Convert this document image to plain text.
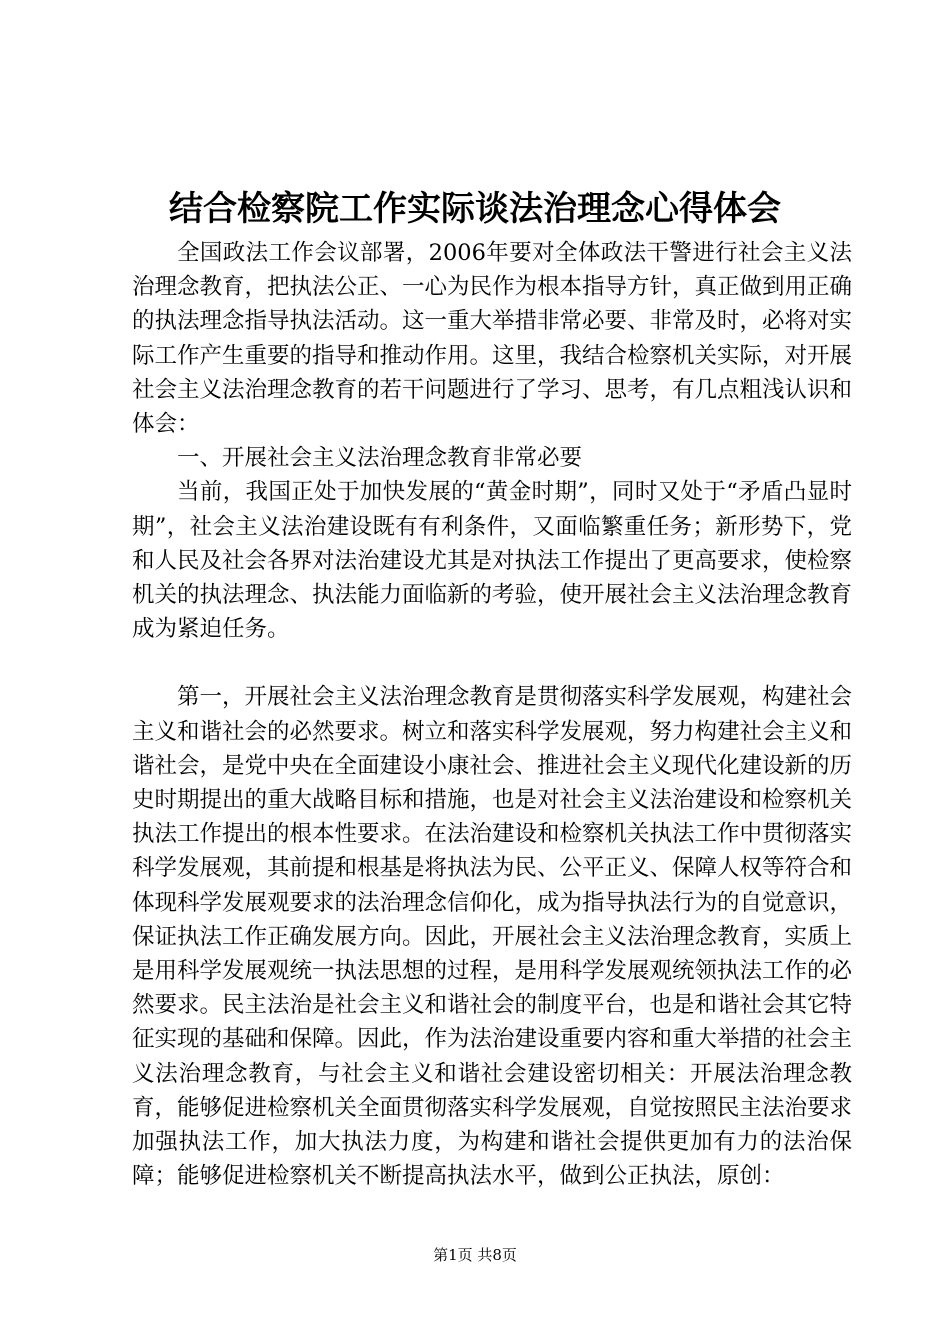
结合检察院工作实际谈法治理念心得体会

全国政法工作会议部署，2006年要对全体政法干警进行社会主义法治理念教育，把执法公正、一心为民作为根本指导方针，真正做到用正确的执法理念指导执法活动。这一重大举措非常必要、非常及时，必将对实际工作产生重要的指导和推动作用。这里，我结合检察机关实际，对开展社会主义法治理念教育的若干问题进行了学习、思考，有几点粗浅认识和体会：

一、开展社会主义法治理念教育非常必要

当前，我国正处于加快发展的“黄金时期”，同时又处于“矛盾凸显时期”，社会主义法治建设既有有利条件，又面临繁重任务；新形势下，党和人民及社会各界对法治建设尤其是对执法工作提出了更高要求，使检察机关的执法理念、执法能力面临新的考验，使开展社会主义法治理念教育成为紧迫任务。

第一，开展社会主义法治理念教育是贯彻落实科学发展观，构建社会主义和谐社会的必然要求。树立和落实科学发展观，努力构建社会主义和谐社会，是党中央在全面建设小康社会、推进社会主义现代化建设新的历史时期提出的重大战略目标和措施，也是对社会主义法治建设和检察机关执法工作提出的根本性要求。在法治建设和检察机关执法工作中贯彻落实科学发展观，其前提和根基是将执法为民、公平正义、保障人权等符合和体现科学发展观要求的法治理念信仰化，成为指导执法行为的自觉意识，保证执法工作正确发展方向。因此，开展社会主义法治理念教育，实质上是用科学发展观统一执法思想的过程，是用科学发展观统领执法工作的必然要求。民主法治是社会主义和谐社会的制度平台，也是和谐社会其它特征实现的基础和保障。因此，作为法治建设重要内容和重大举措的社会主义法治理念教育，与社会主义和谐社会建设密切相关：开展法治理念教育，能够促进检察机关全面贯彻落实科学发展观，自觉按照民主法治要求加强执法工作，加大执法力度，为构建和谐社会提供更加有力的法治保障；能够促进检察机关不断提高执法水平，做到公正执法，原创：

第1页 共8页
